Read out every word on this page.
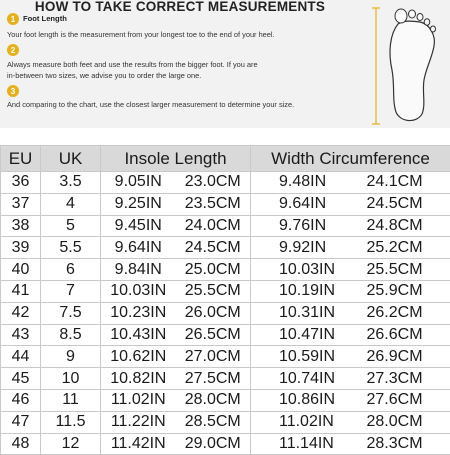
HOW TO TAKE CORRECT MEASUREMENTS
1	Foot Length
Your foot length is the measurement from your longest toe to the end of your heel.
2
Always measure both feet and use the results from the bigger foot. If you are
in-between two sizes, we advise you to order the large one.
3
And comparing to the chart, use the closest larger measurement to determine your size.
EU	UK	Insole Length		Width Circumference	
36	3.5	9.05IN	23.0CM	9.48IN	24.1CM
37	4	9.25IN	23.5CM	9.64IN	24.5CM
38	5	9.45IN	24.0CM	9.76IN	24.8CM
39	5.5	9.64IN	24.5CM	9.92IN	25.2CM
40	6	9.84IN	25.0CM	10.03IN	25.5CM
41	7	10.03IN	25.5CM	10.19IN	25.9CM
42	7.5	10.23IN	26.0CM	10.31IN	26.2CM
43	8.5	10.43IN	26.5CM	10.47IN	26.6CM
44	9	10.62IN	27.0CM	10.59IN	26.9CM
45	10	10.82IN	27.5CM	10.74IN	27.3CM
46	11	11.02IN	28.0CM	10.86IN	27.6CM
47	11.5	11.22IN	28.5CM	11.02IN	28.0CM
48	12	11.42IN	29.0CM	11.14IN	28.3CM
